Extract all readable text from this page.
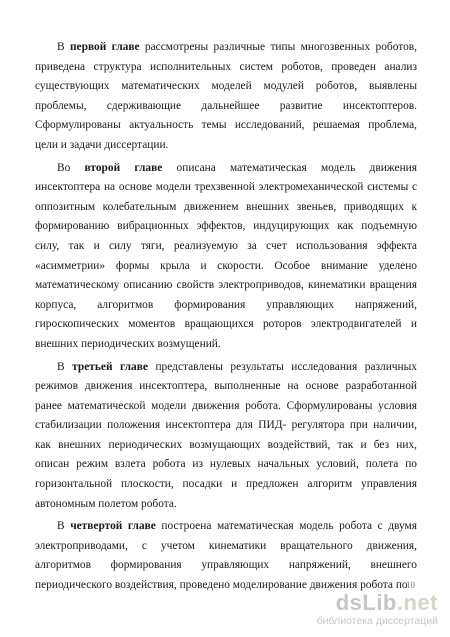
В первой главе рассмотрены различные типы многозвенных роботов,
приведена структура исполнительных систем роботов, проведен анализ
существующих математических моделей модулей роботов, выявлены
проблемы, сдерживающие дальнейшее развитие инсектоптеров.
Сформулированы актуальность темы исследований, решаемая проблема,
цели и задачи диссертации.

Во второй главе описана математическая модель движения
инсектоптера на основе модели трехзвенной электромеханической системы с
оппозитным колебательным движением внешних звеньев, приводящих к
формированию вибрационных эффектов, индуцирующих как подъемную
силу, так и силу тяги, реализуемую за счет использования эффекта
«асимметрии» формы крыла и скорости. Особое внимание уделено
математическому описанию свойств электроприводов, кинематики вращения
корпуса, алгоритмов формирования управляющих напряжений,
гироскопических моментов вращающихся роторов электродвигателей и
внешних периодических возмущений.

В третьей главе представлены результаты исследования различных
режимов движения инсектоптера, выполненные на основе разработанной
ранее математической модели движения робота. Сформулированы условия
стабилизации положения инсектоптера для ПИД- регулятора при наличии,
как внешних периодических возмущающих воздействий, так и без них,
описан режим взлета робота из нулевых начальных условий, полета по
горизонтальной плоскости, посадки и предложен алгоритм управления
автономным полетом робота.

В четвертой главе построена математическая модель робота с двумя
электроприводами, с учетом кинематики вращательного движения,
алгоритмов формирования управляющих напряжений, внешнего
периодического воздействия, проведено моделирование движения робота по

10
dsLib.net
библиотека диссертаций
